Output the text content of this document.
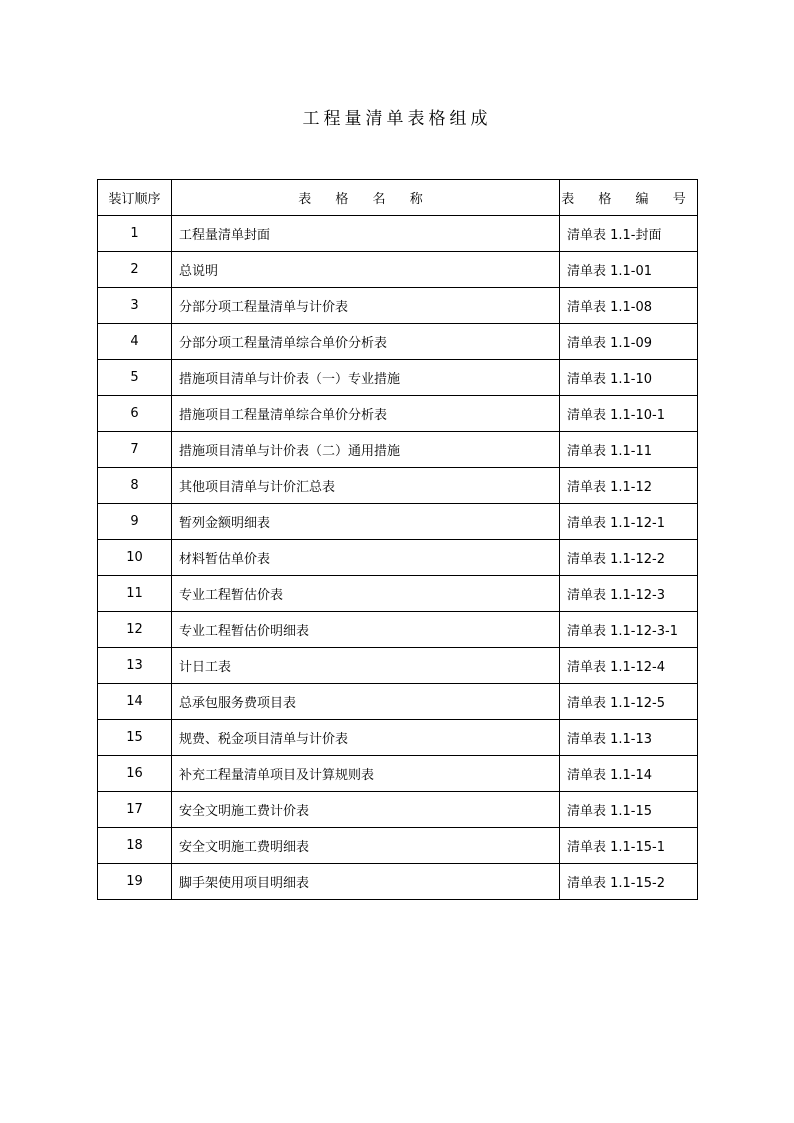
工程量清单表格组成
装订顺序	表 格 名 称	表 格 编 号
1	工程量清单封面	清单表 1.1-封面
2	总说明	清单表 1.1-01
3	分部分项工程量清单与计价表	清单表 1.1-08
4	分部分项工程量清单综合单价分析表	清单表 1.1-09
5	措施项目清单与计价表（一）专业措施	清单表 1.1-10
6	措施项目工程量清单综合单价分析表	清单表 1.1-10-1
7	措施项目清单与计价表（二）通用措施	清单表 1.1-11
8	其他项目清单与计价汇总表	清单表 1.1-12
9	暂列金额明细表	清单表 1.1-12-1
10	材料暂估单价表	清单表 1.1-12-2
11	专业工程暂估价表	清单表 1.1-12-3
12	专业工程暂估价明细表	清单表 1.1-12-3-1
13	计日工表	清单表 1.1-12-4
14	总承包服务费项目表	清单表 1.1-12-5
15	规费、税金项目清单与计价表	清单表 1.1-13
16	补充工程量清单项目及计算规则表	清单表 1.1-14
17	安全文明施工费计价表	清单表 1.1-15
18	安全文明施工费明细表	清单表 1.1-15-1
19	脚手架使用项目明细表	清单表 1.1-15-2
